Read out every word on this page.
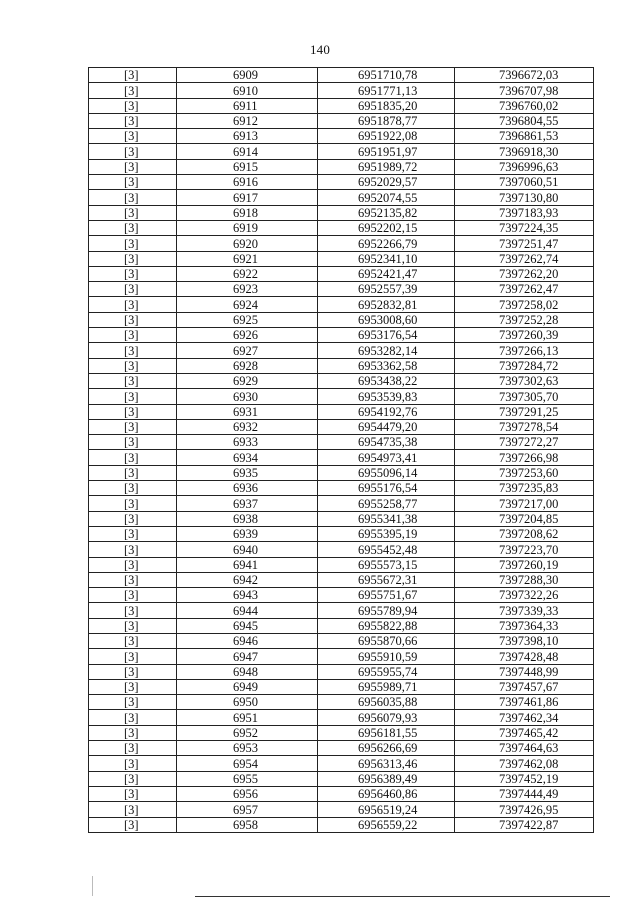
140
[3]	6909	6951710,78	7396672,03
[3]	6910	6951771,13	7396707,98
[3]	6911	6951835,20	7396760,02
[3]	6912	6951878,77	7396804,55
[3]	6913	6951922,08	7396861,53
[3]	6914	6951951,97	7396918,30
[3]	6915	6951989,72	7396996,63
[3]	6916	6952029,57	7397060,51
[3]	6917	6952074,55	7397130,80
[3]	6918	6952135,82	7397183,93
[3]	6919	6952202,15	7397224,35
[3]	6920	6952266,79	7397251,47
[3]	6921	6952341,10	7397262,74
[3]	6922	6952421,47	7397262,20
[3]	6923	6952557,39	7397262,47
[3]	6924	6952832,81	7397258,02
[3]	6925	6953008,60	7397252,28
[3]	6926	6953176,54	7397260,39
[3]	6927	6953282,14	7397266,13
[3]	6928	6953362,58	7397284,72
[3]	6929	6953438,22	7397302,63
[3]	6930	6953539,83	7397305,70
[3]	6931	6954192,76	7397291,25
[3]	6932	6954479,20	7397278,54
[3]	6933	6954735,38	7397272,27
[3]	6934	6954973,41	7397266,98
[3]	6935	6955096,14	7397253,60
[3]	6936	6955176,54	7397235,83
[3]	6937	6955258,77	7397217,00
[3]	6938	6955341,38	7397204,85
[3]	6939	6955395,19	7397208,62
[3]	6940	6955452,48	7397223,70
[3]	6941	6955573,15	7397260,19
[3]	6942	6955672,31	7397288,30
[3]	6943	6955751,67	7397322,26
[3]	6944	6955789,94	7397339,33
[3]	6945	6955822,88	7397364,33
[3]	6946	6955870,66	7397398,10
[3]	6947	6955910,59	7397428,48
[3]	6948	6955955,74	7397448,99
[3]	6949	6955989,71	7397457,67
[3]	6950	6956035,88	7397461,86
[3]	6951	6956079,93	7397462,34
[3]	6952	6956181,55	7397465,42
[3]	6953	6956266,69	7397464,63
[3]	6954	6956313,46	7397462,08
[3]	6955	6956389,49	7397452,19
[3]	6956	6956460,86	7397444,49
[3]	6957	6956519,24	7397426,95
[3]	6958	6956559,22	7397422,87
